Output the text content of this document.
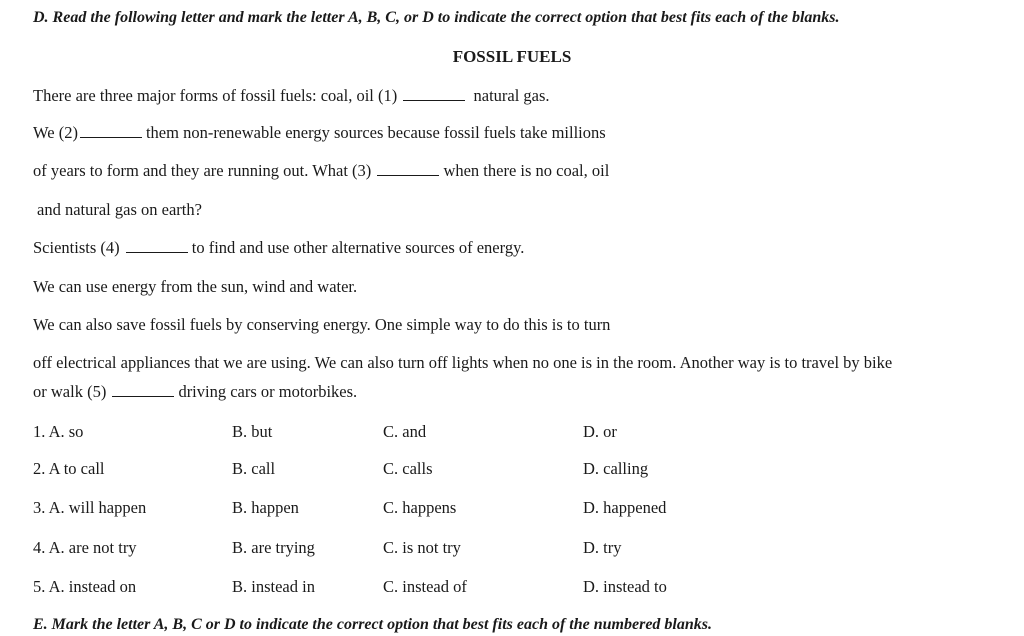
D. Read the following letter and mark the letter A, B, C, or D to indicate the correct option that best fits each of the blanks.
FOSSIL FUELS
There are three major forms of fossil fuels: coal, oil (1)	natural gas.
We (2)	them non-renewable energy sources because fossil fuels take millions
of years to form and they are running out. What (3)	when there is no coal, oil
and natural gas on earth?
Scientists (4)	to find and use other alternative sources of energy.
We can use energy from the sun, wind and water.
We can also save fossil fuels by conserving energy. One simple way to do this is to turn
off electrical appliances that we are using. We can also turn off lights when no one is in the room. Another way is to travel by bike
or walk (5)	driving cars or motorbikes.
1. A. so	B. but	C. and	D. or
2. A to call	B. call	C. calls	D. calling
3. A. will happen	B. happen	C. happens	D. happened
4. A. are not try	B. are trying	C. is not try	D. try
5. A. instead on	B. instead in	C. instead of	D. instead to
E. Mark the letter A, B, C or D to indicate the correct option that best fits each of the numbered blanks.
